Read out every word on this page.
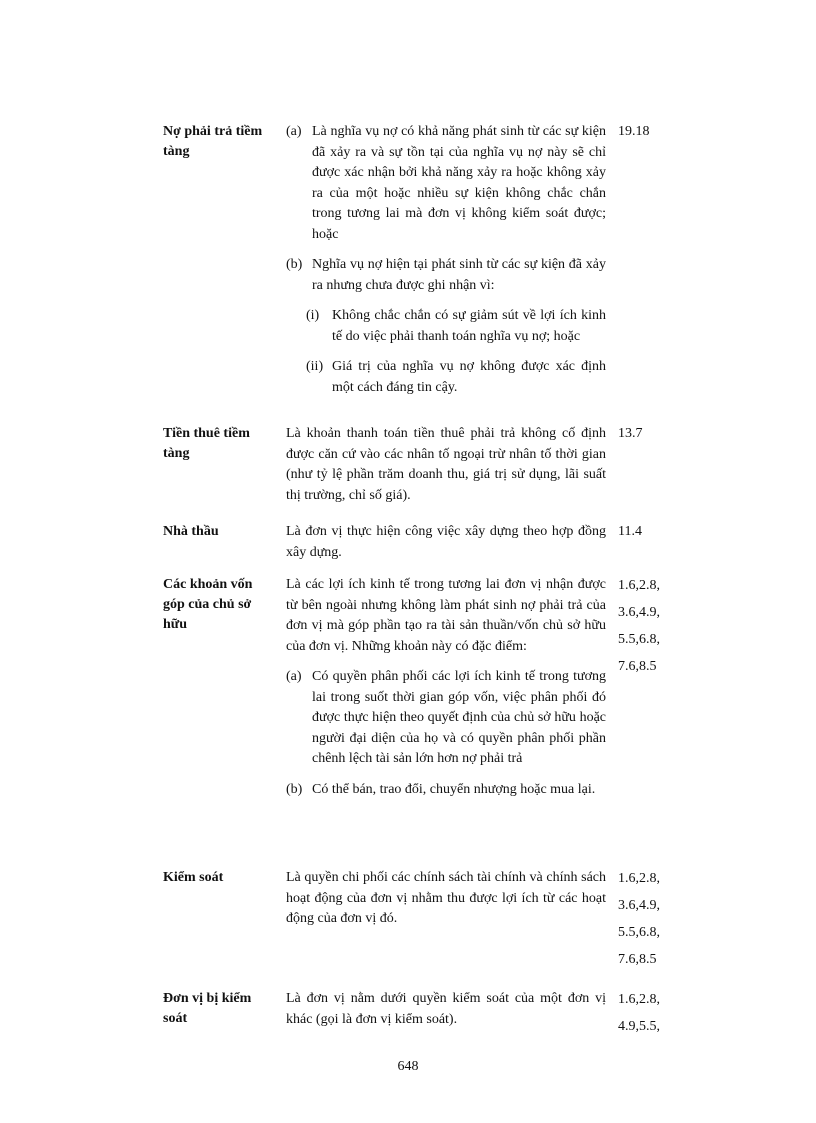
Nợ phải trả tiềm tàng
(a) Là nghĩa vụ nợ có khả năng phát sinh từ các sự kiện đã xảy ra và sự tồn tại của nghĩa vụ nợ này sẽ chỉ được xác nhận bởi khả năng xảy ra hoặc không xảy ra của một hoặc nhiều sự kiện không chắc chắn trong tương lai mà đơn vị không kiểm soát được; hoặc
(b) Nghĩa vụ nợ hiện tại phát sinh từ các sự kiện đã xảy ra nhưng chưa được ghi nhận vì:
(i) Không chắc chắn có sự giảm sút về lợi ích kinh tế do việc phải thanh toán nghĩa vụ nợ; hoặc
(ii) Giá trị của nghĩa vụ nợ không được xác định một cách đáng tin cậy.
19.18
Tiền thuê tiềm tàng
Là khoản thanh toán tiền thuê phải trả không cố định được căn cứ vào các nhân tố ngoại trừ nhân tố thời gian (như tỷ lệ phần trăm doanh thu, giá trị sử dụng, lãi suất thị trường, chỉ số giá).
13.7
Nhà thầu	Là đơn vị thực hiện công việc xây dựng theo hợp đồng xây dựng.
11.4
Các khoản vốn góp của chủ sở hữu
Là các lợi ích kinh tế trong tương lai đơn vị nhận được từ bên ngoài nhưng không làm phát sinh nợ phải trả của đơn vị mà góp phần tạo ra tài sản thuần/vốn chủ sở hữu của đơn vị. Những khoản này có đặc điểm:
(a) Có quyền phân phối các lợi ích kinh tế trong tương lai trong suốt thời gian góp vốn, việc phân phối đó được thực hiện theo quyết định của chủ sở hữu hoặc người đại diện của họ và có quyền phân phối phần chênh lệch tài sản lớn hơn nợ phải trả
(b) Có thể bán, trao đổi, chuyển nhượng hoặc mua lại.
1.6,2.8,
3.6,4.9,
5.5,6.8,
7.6,8.5
Kiểm soát	Là quyền chi phối các chính sách tài chính và chính sách hoạt động của đơn vị nhằm thu được lợi ích từ các hoạt động của đơn vị đó.
1.6,2.8,
3.6,4.9,
5.5,6.8,
7.6,8.5
Đơn vị bị kiểm soát
Là đơn vị nằm dưới quyền kiểm soát của một đơn vị khác (gọi là đơn vị kiểm soát).
1.6,2.8,
4.9,5.5,
648
